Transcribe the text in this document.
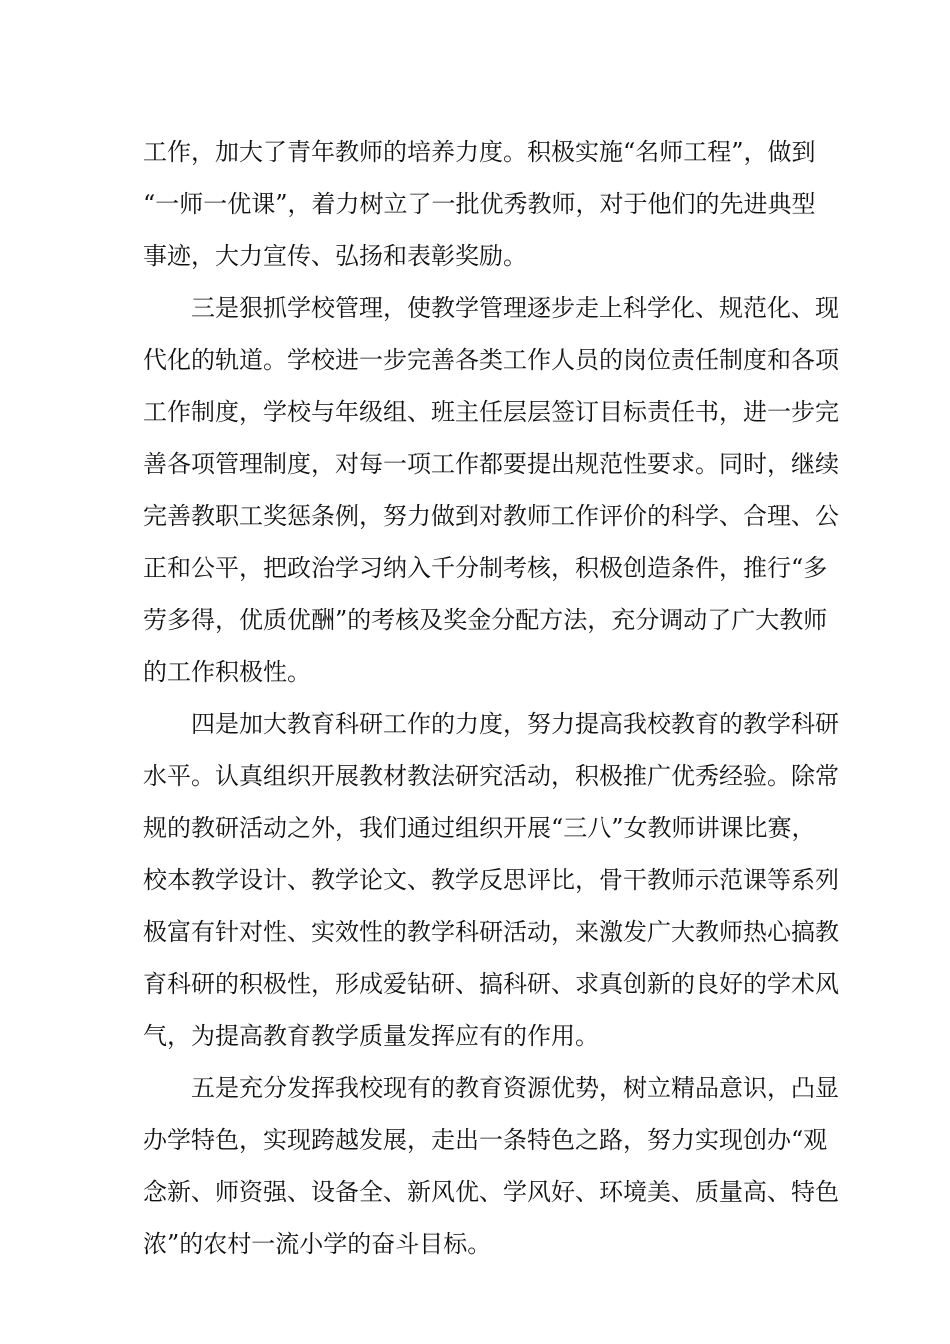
工作，加大了青年教师的培养力度。积极实施“名师工程”，做到
“一师一优课”，着力树立了一批优秀教师，对于他们的先进典型
事迹，大力宣传、弘扬和表彰奖励。
三是狠抓学校管理，使教学管理逐步走上科学化、规范化、现
代化的轨道。学校进一步完善各类工作人员的岗位责任制度和各项
工作制度，学校与年级组、班主任层层签订目标责任书，进一步完
善各项管理制度，对每一项工作都要提出规范性要求。同时，继续
完善教职工奖惩条例，努力做到对教师工作评价的科学、合理、公
正和公平，把政治学习纳入千分制考核，积极创造条件，推行“多
劳多得，优质优酬”的考核及奖金分配方法，充分调动了广大教师
的工作积极性。
四是加大教育科研工作的力度，努力提高我校教育的教学科研
水平。认真组织开展教材教法研究活动，积极推广优秀经验。除常
规的教研活动之外，我们通过组织开展“三八”女教师讲课比赛，
校本教学设计、教学论文、教学反思评比，骨干教师示范课等系列
极富有针对性、实效性的教学科研活动，来激发广大教师热心搞教
育科研的积极性，形成爱钻研、搞科研、求真创新的良好的学术风
气，为提高教育教学质量发挥应有的作用。
五是充分发挥我校现有的教育资源优势，树立精品意识，凸显
办学特色，实现跨越发展，走出一条特色之路，努力实现创办“观
念新、师资强、设备全、新风优、学风好、环境美、质量高、特色
浓”的农村一流小学的奋斗目标。
